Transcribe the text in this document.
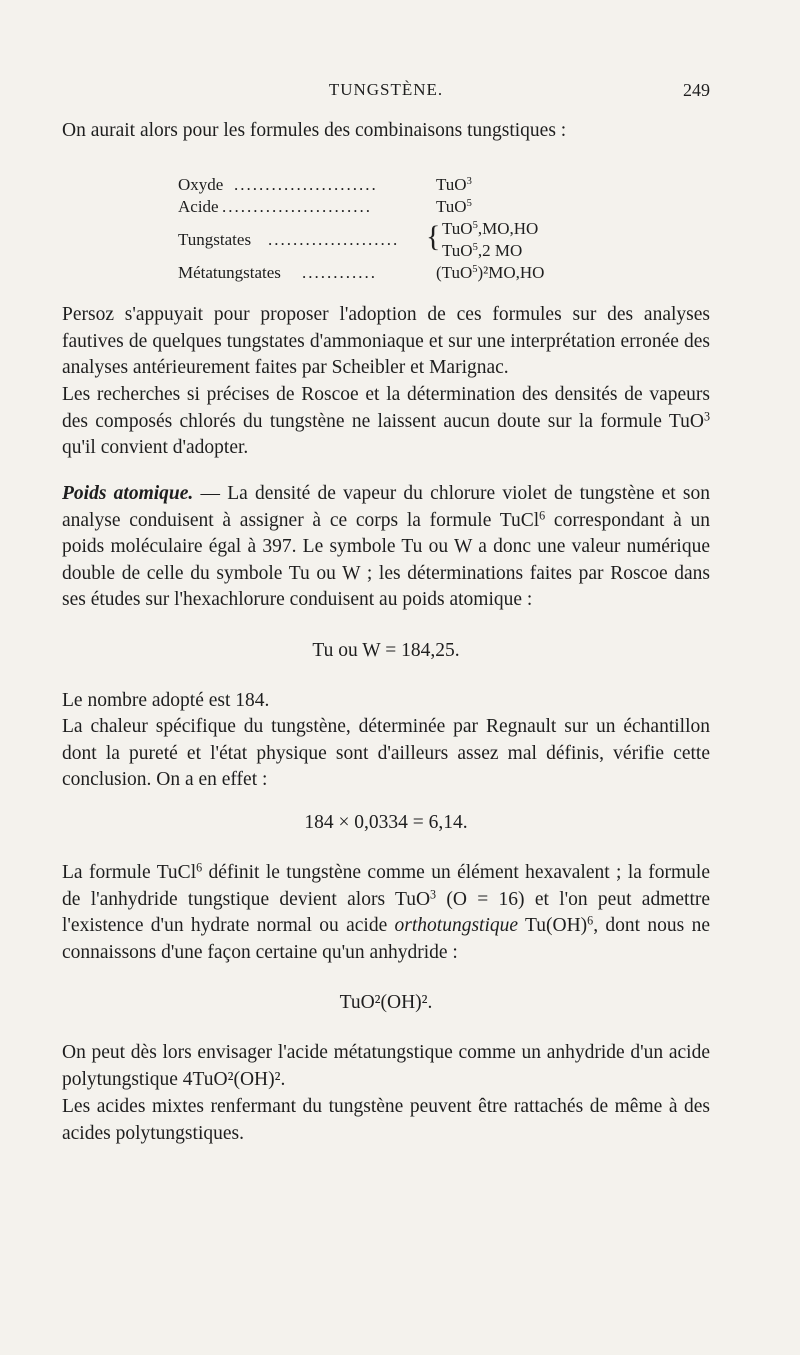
TUNGSTÈNE.	249

On aurait alors pour les formules des combinaisons tungstiques :

Oxyde .......................	TuO$^3$
Acide ........................	TuO$^5$
Tungstates ..................... { TuO$^5$,MO,HO
TuO$^5$,2 MO
Métatungstates ............	(TuO$^5$)²MO,HO

Persoz s'appuyait pour proposer l'adoption de ces formules sur des analyses fautives de quelques tungstates d'ammoniaque et sur une interprétation erronée des analyses antérieurement faites par Scheibler et Marignac.

Les recherches si précises de Roscoe et la détermination des densités de vapeurs des composés chlorés du tungstène ne laissent aucun doute sur la formule TuO$^3$ qu'il convient d'adopter.

Poids atomique. — La densité de vapeur du chlorure violet de tungstène et son analyse conduisent à assigner à ce corps la formule TuCl$^6$ correspondant à un poids moléculaire égal à 397. Le symbole Tu ou W a donc une valeur numérique double de celle du symbole Tu ou W ; les déterminations faites par Roscoe dans ses études sur l'hexachlorure conduisent au poids atomique :

Tu ou W = 184,25.

Le nombre adopté est 184.

La chaleur spécifique du tungstène, déterminée par Regnault sur un échantillon dont la pureté et l'état physique sont d'ailleurs assez mal définis, vérifie cette conclusion. On a en effet :

184 × 0,0334 = 6,14.

La formule TuCl$^6$ définit le tungstène comme un élément hexavalent ; la formule de l'anhydride tungstique devient alors TuO$^3$ (O = 16) et l'on peut admettre l'existence d'un hydrate normal ou acide orthotungstique Tu(OH)$^6$, dont nous ne connaissons d'une façon certaine qu'un anhydride :

TuO²(OH)².

On peut dès lors envisager l'acide métatungstique comme un anhydride d'un acide polytungstique 4TuO²(OH)².

Les acides mixtes renfermant du tungstène peuvent être rattachés de même à des acides polytungstiques.
